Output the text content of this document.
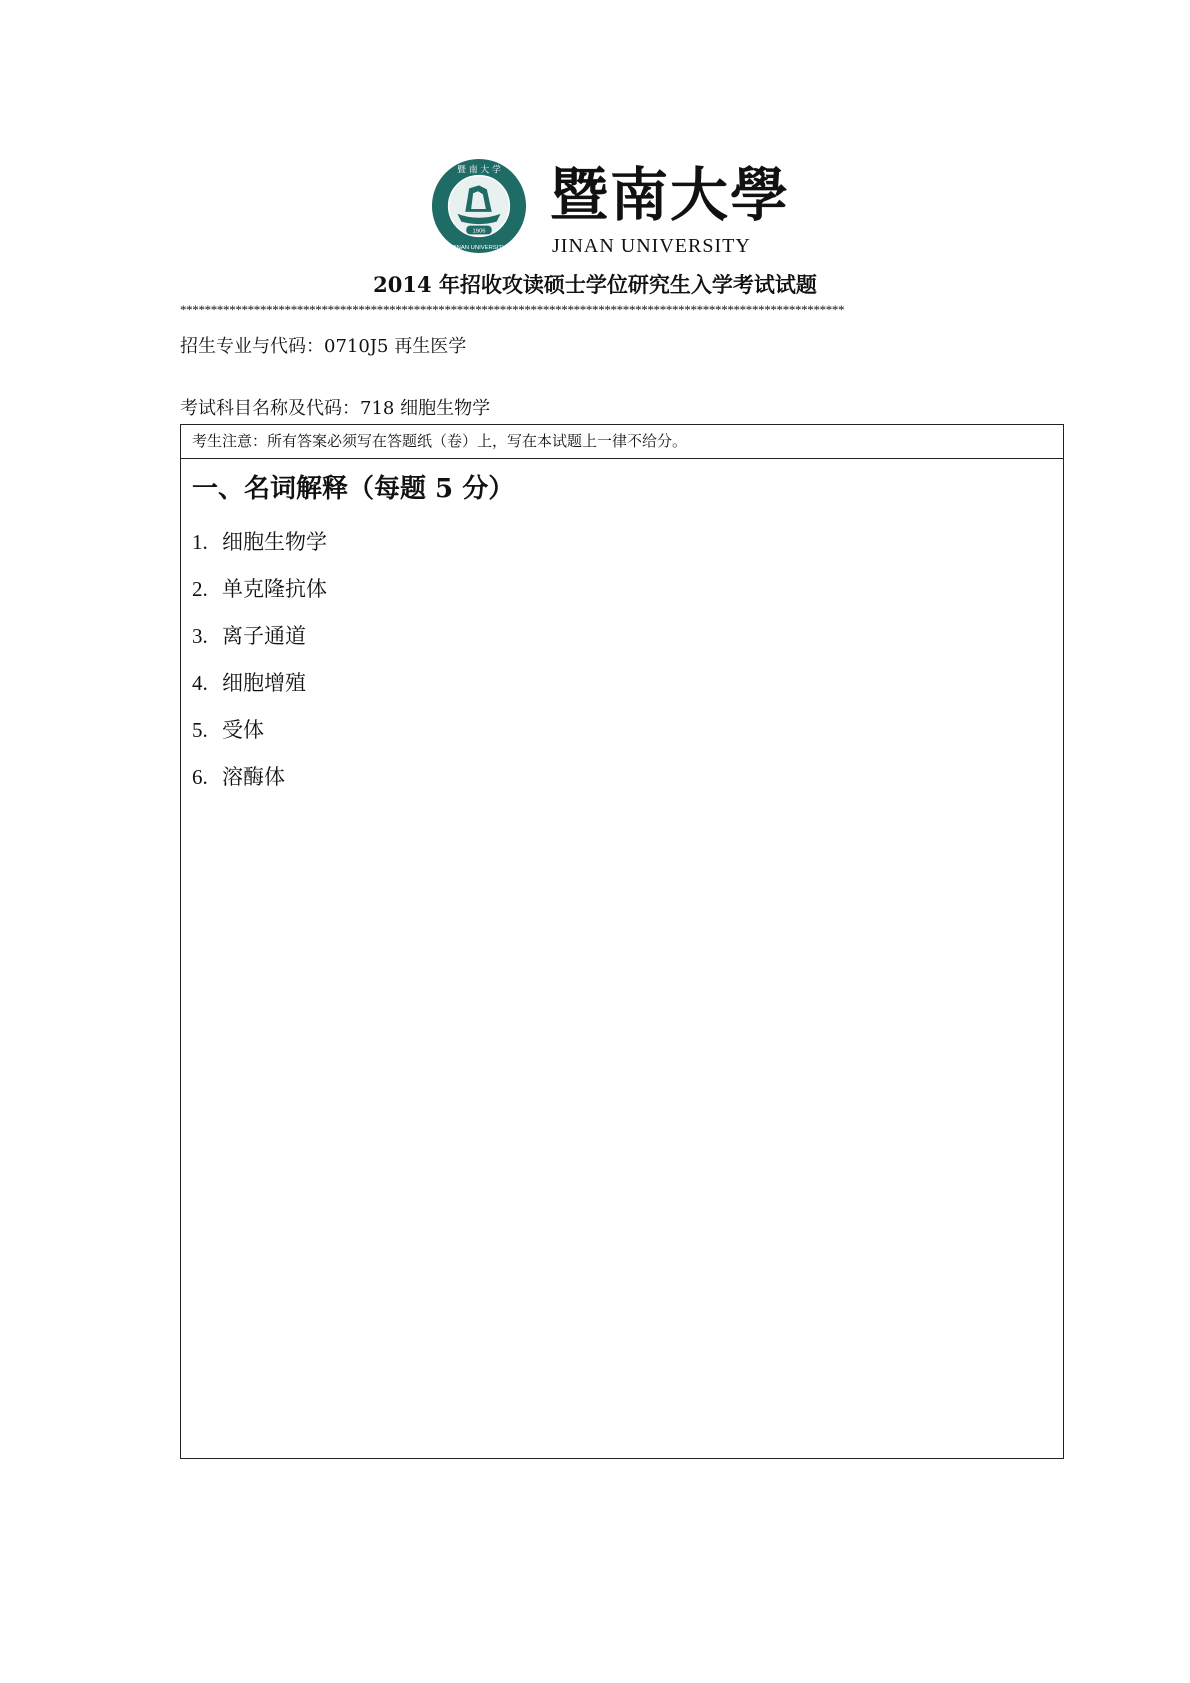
1906
暨 南 大 学
JINAN UNIVERSITY
暨南大學
JINAN UNIVERSITY
2014 年招收攻读硕士学位研究生入学考试试题
************************************************************************************************************
招生专业与代码：0710J5 再生医学
考试科目名称及代码：718 细胞生物学
考生注意：所有答案必须写在答题纸（卷）上，写在本试题上一律不给分。
一、名词解释（每题 5 分）
1. 细胞生物学
2. 单克隆抗体
3. 离子通道
4. 细胞增殖
5. 受体
6. 溶酶体
